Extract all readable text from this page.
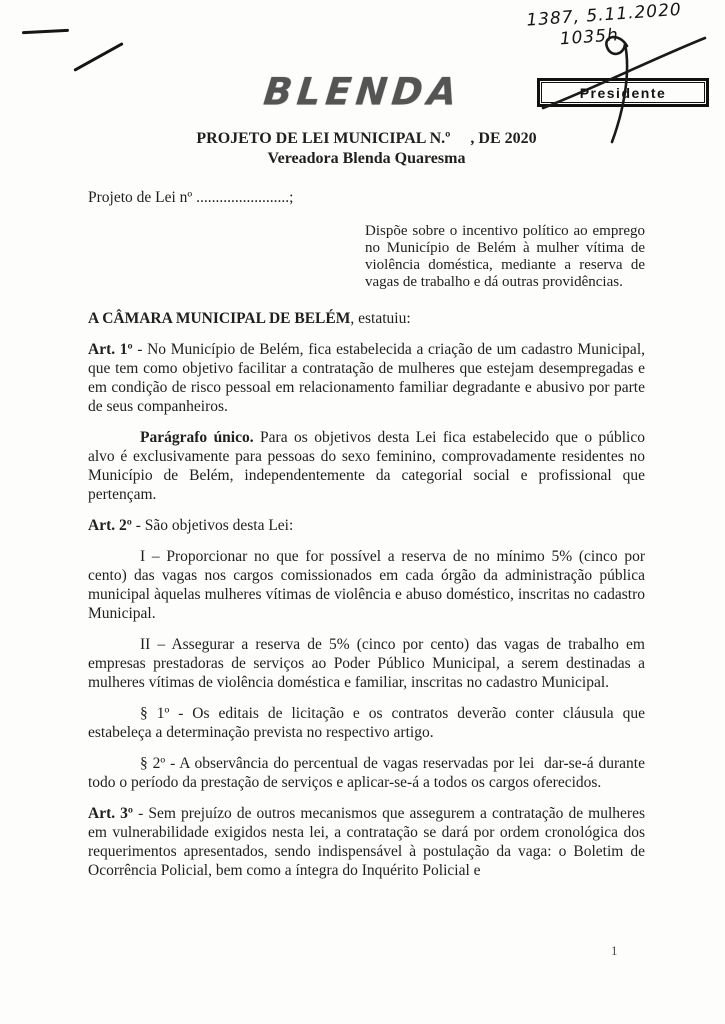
1387, 5.11.2020
1035h
Presidente
BLENDA

PROJETO DE LEI MUNICIPAL N.º     , DE 2020

Vereadora Blenda Quaresma

Projeto de Lei nº ........................;

Dispõe sobre o incentivo político ao emprego no Município de Belém à mulher vítima de violência doméstica, mediante a reserva de vagas de trabalho e dá outras providências.

A CÂMARA MUNICIPAL DE BELÉM, estatuiu:

Art. 1º - No Município de Belém, fica estabelecida a criação de um cadastro Municipal, que tem como objetivo facilitar a contratação de mulheres que estejam desempregadas e em condição de risco pessoal em relacionamento familiar degradante e abusivo por parte de seus companheiros.

Parágrafo único. Para os objetivos desta Lei fica estabelecido que o público alvo é exclusivamente para pessoas do sexo feminino, comprovadamente residentes no Município de Belém, independentemente da categorial social e profissional que pertençam.

Art. 2º - São objetivos desta Lei:

I – Proporcionar no que for possível a reserva de no mínimo 5% (cinco por cento) das vagas nos cargos comissionados em cada órgão da administração pública municipal àquelas mulheres vítimas de violência e abuso doméstico, inscritas no cadastro Municipal.

II – Assegurar a reserva de 5% (cinco por cento) das vagas de trabalho em empresas prestadoras de serviços ao Poder Público Municipal, a serem destinadas a mulheres vítimas de violência doméstica e familiar, inscritas no cadastro Municipal.

§ 1º - Os editais de licitação e os contratos deverão conter cláusula que estabeleça a determinação prevista no respectivo artigo.

§ 2º - A observância do percentual de vagas reservadas por lei  dar-se-á durante todo o período da prestação de serviços e aplicar-se-á a todos os cargos oferecidos.

Art. 3º - Sem prejuízo de outros mecanismos que assegurem a contratação de mulheres em vulnerabilidade exigidos nesta lei, a contratação se dará por ordem cronológica dos requerimentos apresentados, sendo indispensável à postulação da vaga: o Boletim de Ocorrência Policial, bem como a íntegra do Inquérito Policial e

1
